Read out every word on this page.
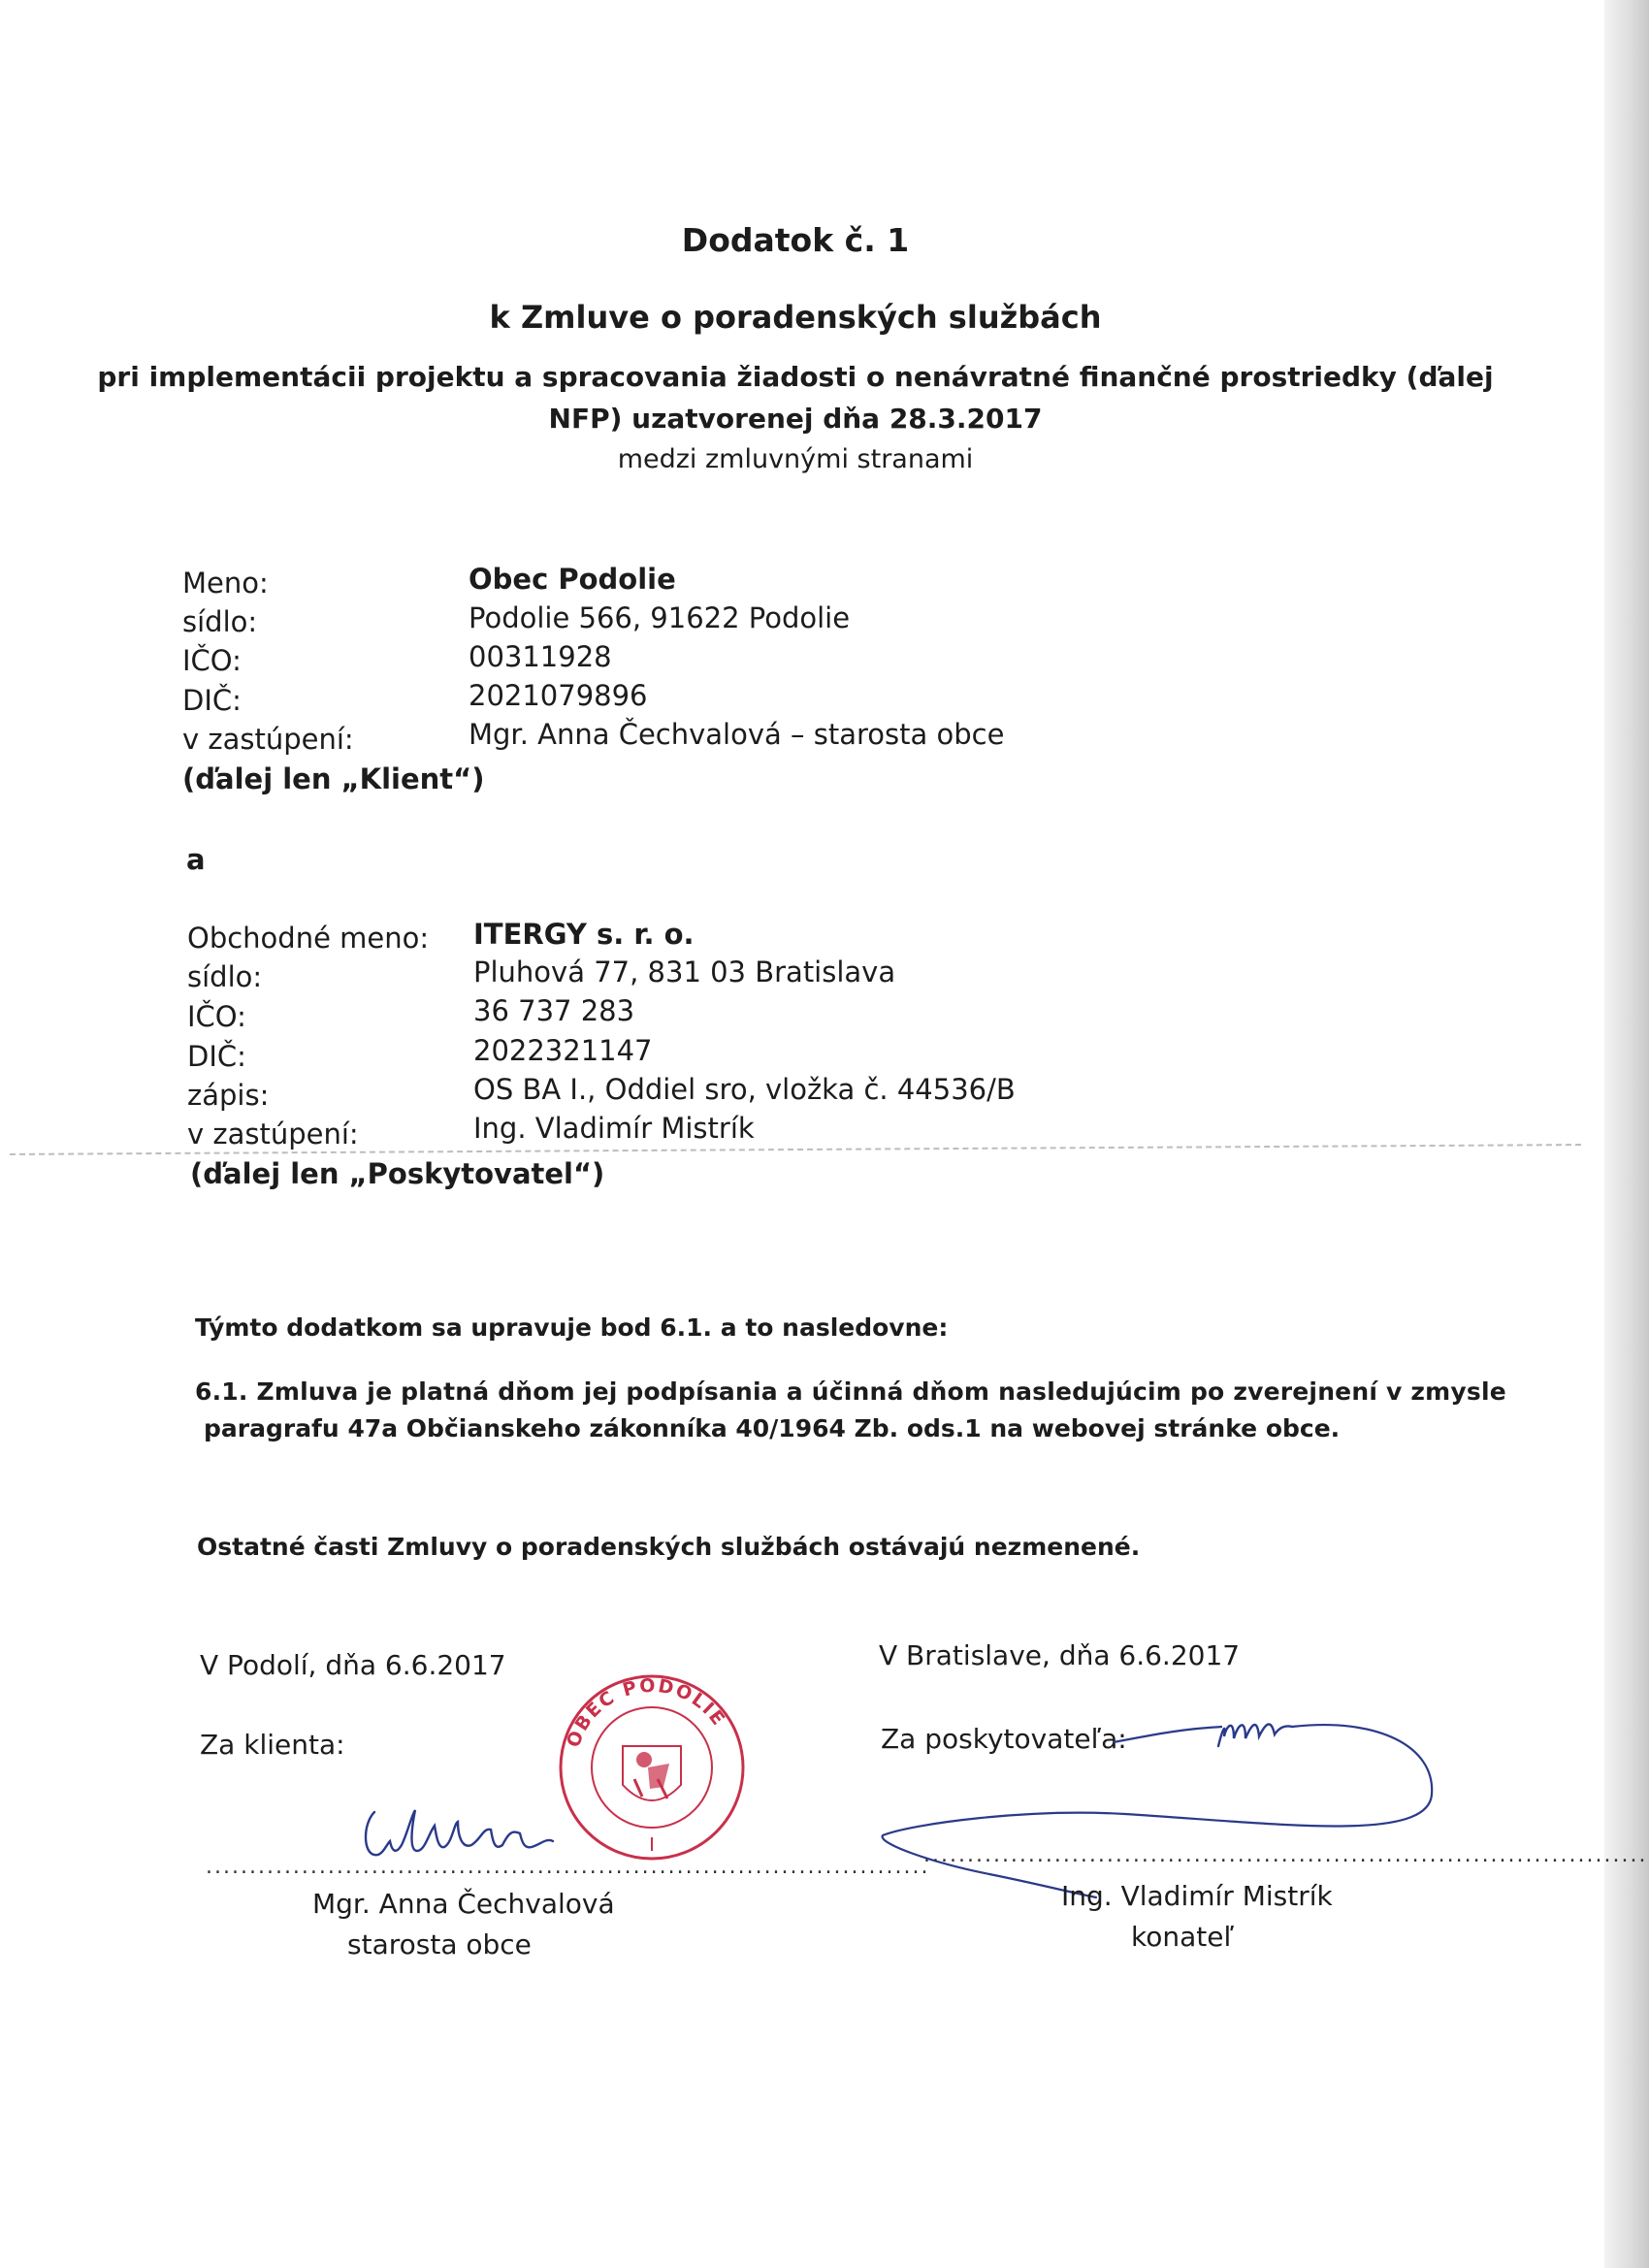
Dodatok č. 1
k Zmluve o poradenských službách
pri implementácii projektu a spracovania žiadosti o nenávratné finančné prostriedky (ďalej
NFP) uzatvorenej dňa 28.3.2017
medzi zmluvnými stranami
Meno:	Obec Podolie
sídlo:	Podolie 566, 91622 Podolie
IČO:	00311928
DIČ:	2021079896
v zastúpení:	Mgr. Anna Čechvalová – starosta obce
(ďalej len „Klient“)
a
Obchodné meno: ITERGY s. r. o.
sídlo:	Pluhová 77, 831 03 Bratislava
IČO:	36 737 283
DIČ:	2022321147
zápis:	OS BA I., Oddiel sro, vložka č. 44536/B
v zastúpení:	Ing. Vladimír Mistrík
(ďalej len „Poskytovatel“)
Týmto dodatkom sa upravuje bod 6.1. a to nasledovne:
6.1. Zmluva je platná dňom jej podpísania a účinná dňom nasledujúcim po zverejnení v zmysle
paragrafu 47a Občianskeho zákonníka 40/1964 Zb. ods.1 na webovej stránke obce.
Ostatné časti Zmluvy o poradenských službách ostávajú nezmenené.
V Podolí, dňa 6.6.2017	V Bratislave, dňa 6.6.2017
Za klienta:	Za poskytovateľa:
OBEC PODOLIE
...................................................................................
...................................................................................
Mgr. Anna Čechvalová
starosta obce
Ing. Vladimír Mistrík
konateľ
